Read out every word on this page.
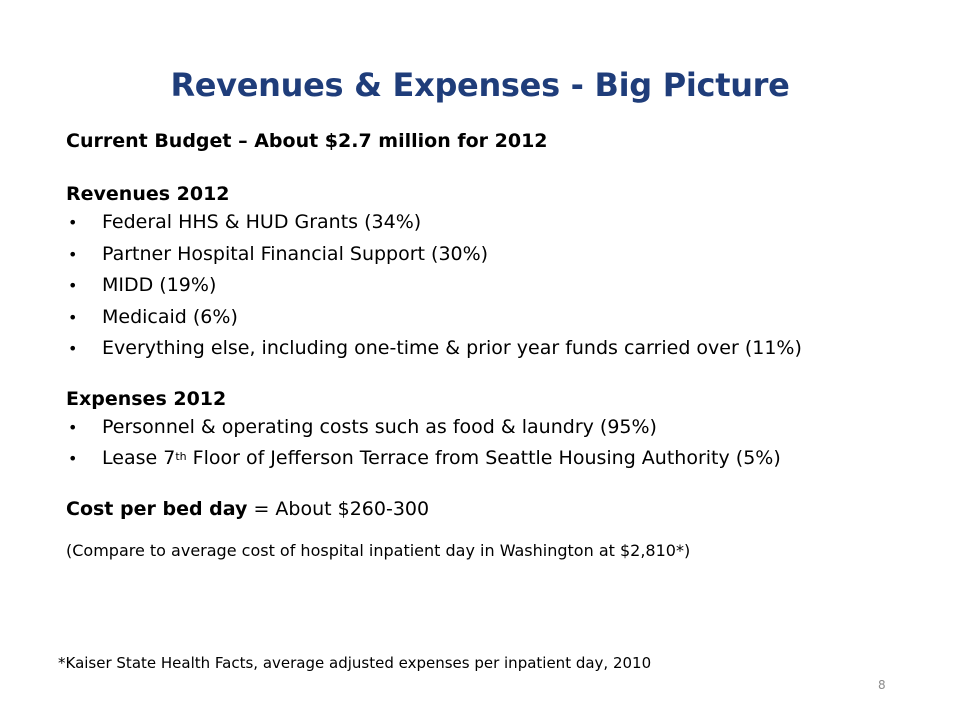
Revenues & Expenses - Big Picture
Current Budget – About $2.7 million for 2012
Revenues 2012
• Federal HHS & HUD Grants (34%)
• Partner Hospital Financial Support (30%)
• MIDD (19%)
• Medicaid (6%)
• Everything else, including one-time & prior year funds carried over (11%)
Expenses 2012
• Personnel & operating costs such as food & laundry (95%)
• Lease 7th Floor of Jefferson Terrace from Seattle Housing Authority (5%)
Cost per bed day = About $260-300
(Compare to average cost of hospital inpatient day in Washington at $2,810*)
*Kaiser State Health Facts, average adjusted expenses per inpatient day, 2010
8
